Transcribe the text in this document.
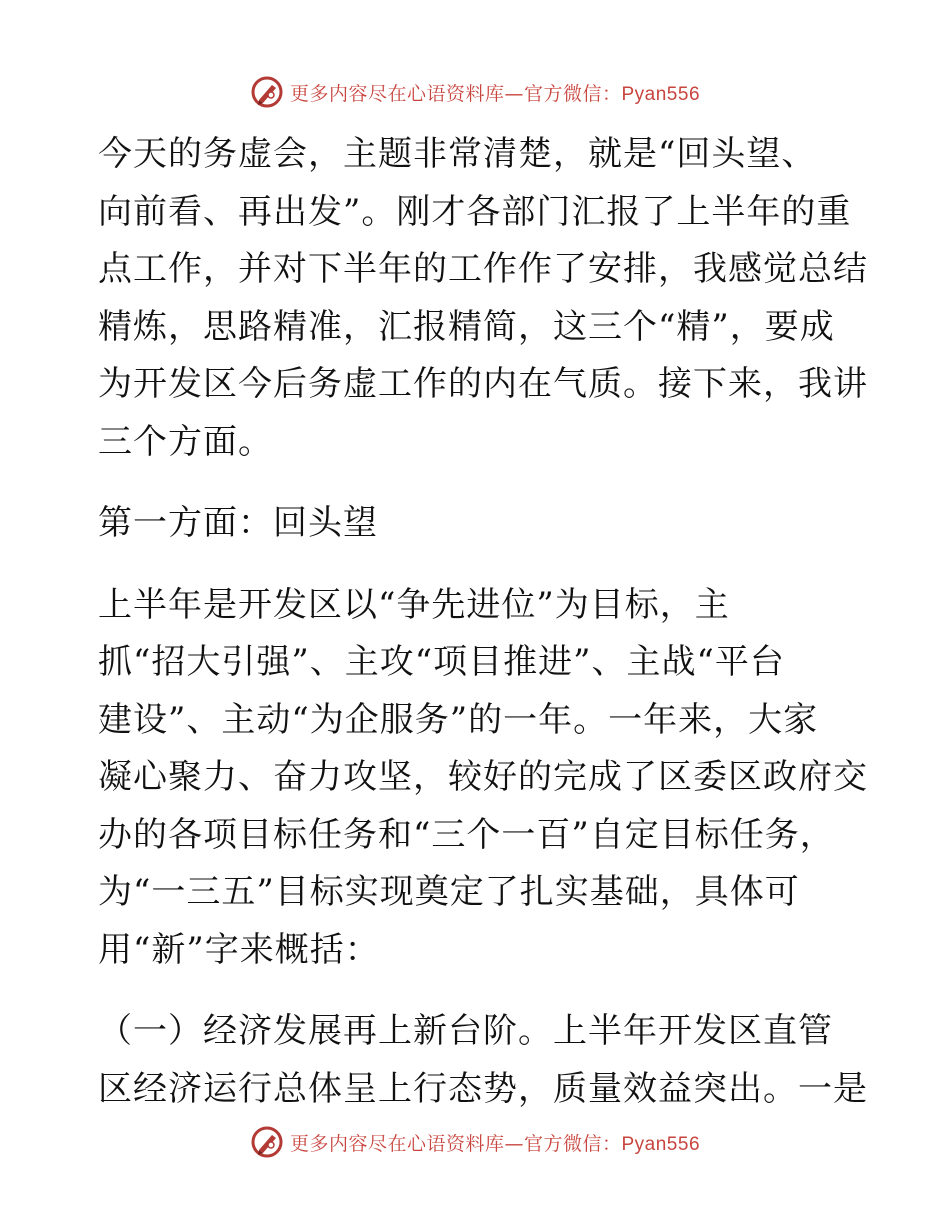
更多内容尽在心语资料库—官方微信：Pyan556

今天的务虚会，主题非常清楚，就是“回头望、
向前看、再出发”。刚才各部门汇报了上半年的重
点工作，并对下半年的工作作了安排，我感觉总结
精炼，思路精准，汇报精简，这三个“精”，要成
为开发区今后务虚工作的内在气质。接下来，我讲
三个方面。

第一方面：回头望

上半年是开发区以“争先进位”为目标，主
抓“招大引强”、主攻“项目推进”、主战“平台
建设”、主动“为企服务”的一年。一年来，大家
凝心聚力、奋力攻坚，较好的完成了区委区政府交
办的各项目标任务和“三个一百”自定目标任务，
为“一三五”目标实现奠定了扎实基础，具体可
用“新”字来概括：

（一）经济发展再上新台阶。上半年开发区直管
区经济运行总体呈上行态势，质量效益突出。一是

更多内容尽在心语资料库—官方微信：Pyan556
